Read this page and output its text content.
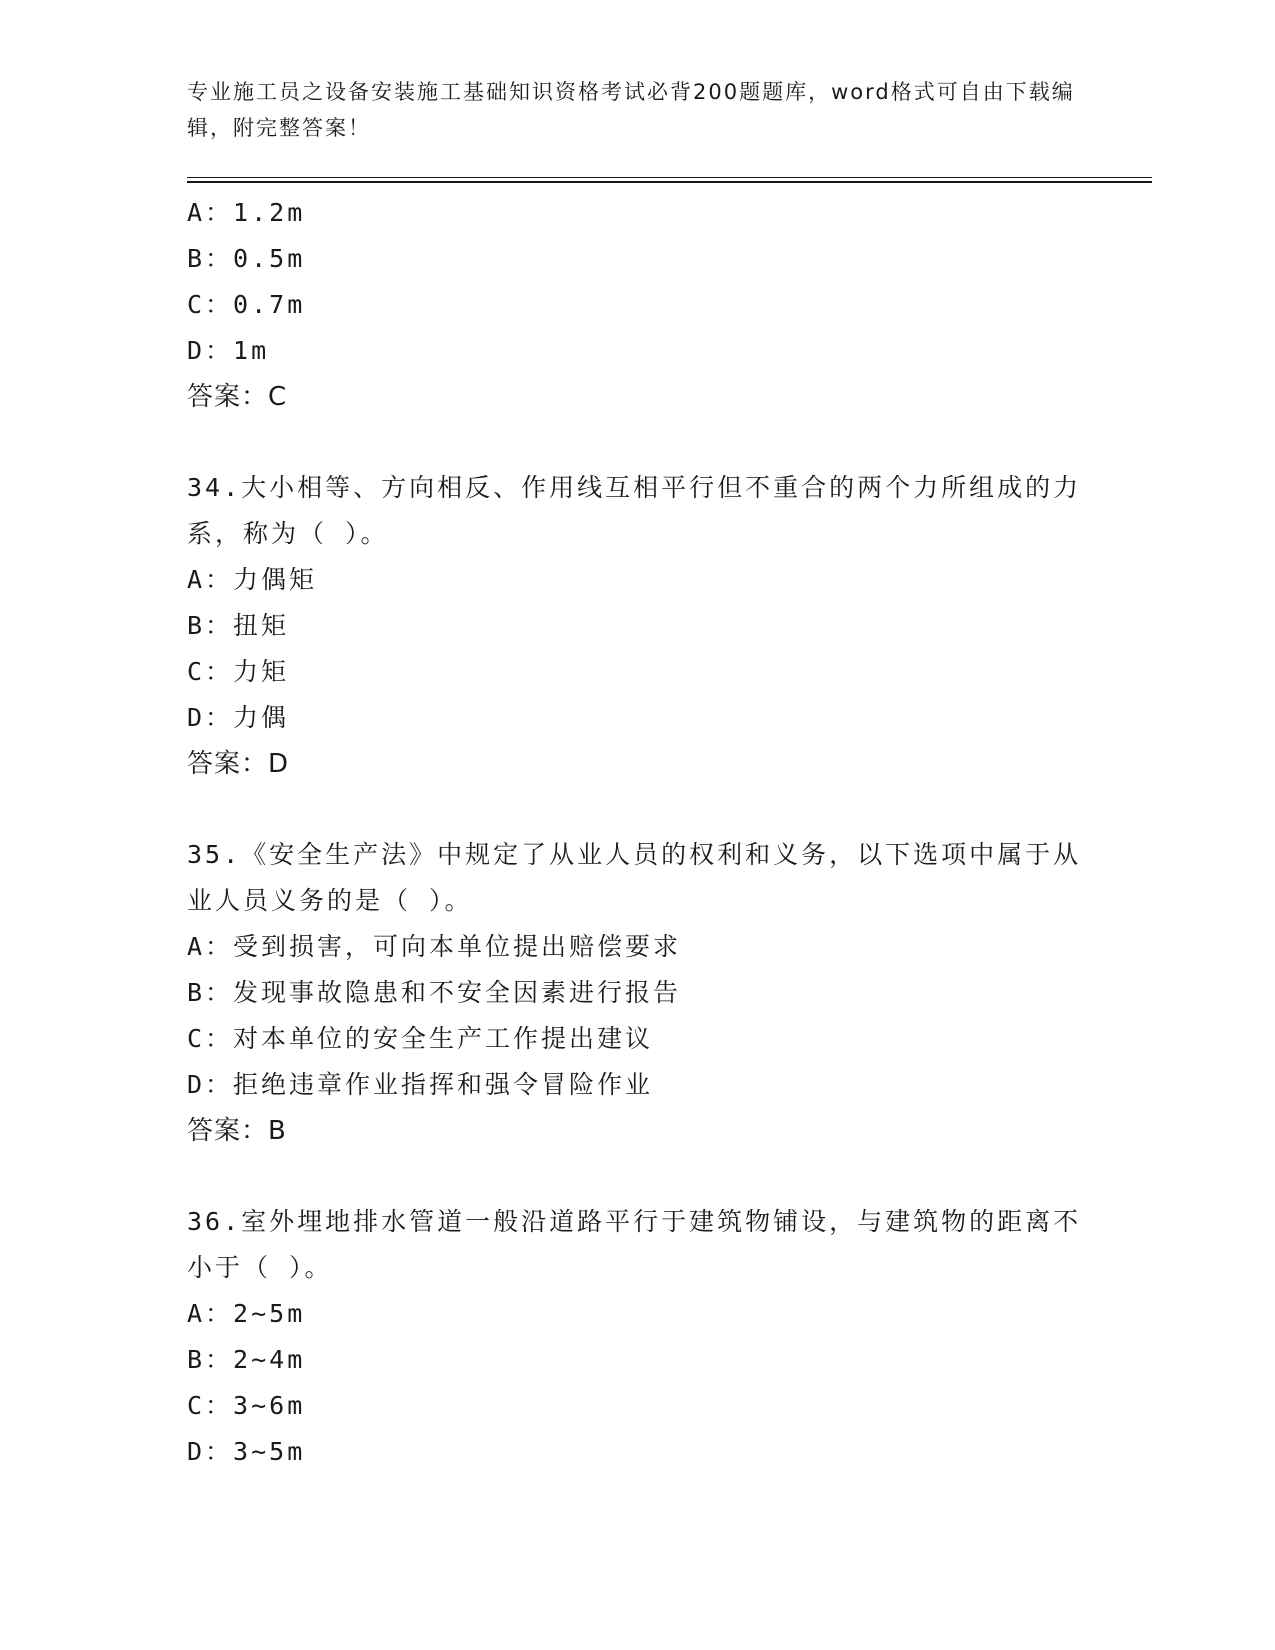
专业施工员之设备安装施工基础知识资格考试必背200题题库，word格式可自由下载编辑，附完整答案！
A：1.2m
B：0.5m
C：0.7m
D：1m
答案：C
34.大小相等、方向相反、作用线互相平行但不重合的两个力所组成的力系，称为（ ）。
A：力偶矩
B：扭矩
C：力矩
D：力偶
答案：D
35.《安全生产法》中规定了从业人员的权利和义务，以下选项中属于从业人员义务的是（ ）。
A：受到损害，可向本单位提出赔偿要求
B：发现事故隐患和不安全因素进行报告
C：对本单位的安全生产工作提出建议
D：拒绝违章作业指挥和强令冒险作业
答案：B
36.室外埋地排水管道一般沿道路平行于建筑物铺设，与建筑物的距离不小于（ ）。
A：2~5m
B：2~4m
C：3~6m
D：3~5m
